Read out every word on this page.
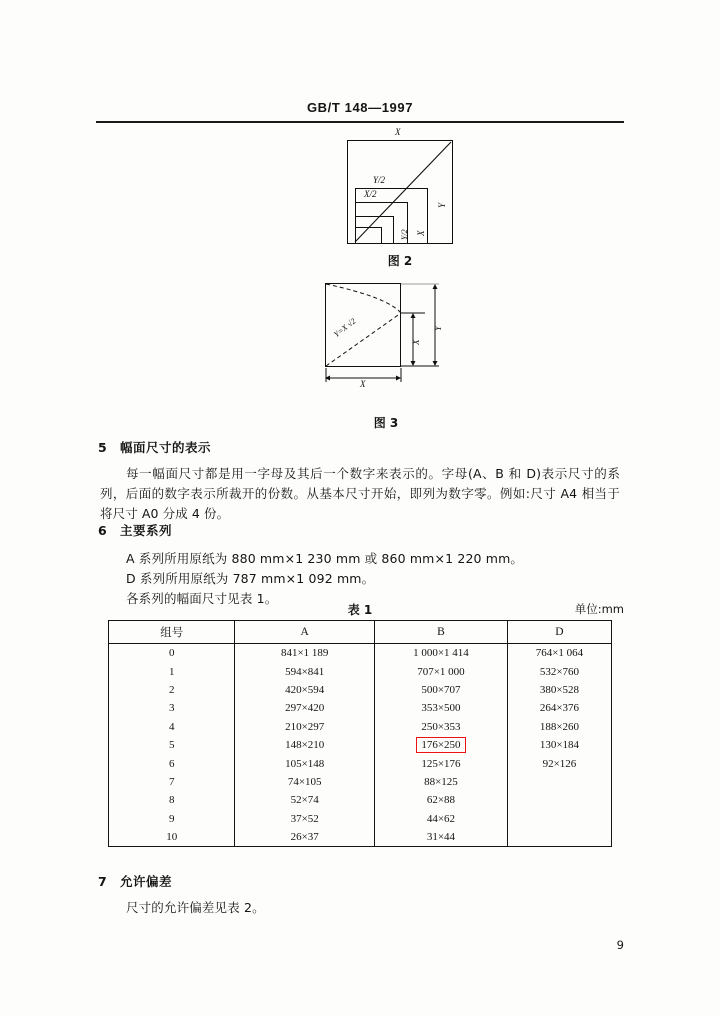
GB/T 148—1997
X
Y/2
X/2
Y
X
Y/2
图 2
Y=X √2
X
Y
X
图 3
5 幅面尺寸的表示
每一幅面尺寸都是用一字母及其后一个数字来表示的。字母(A、B 和 D)表示尺寸的系列，后面的数字表示所裁开的份数。从基本尺寸开始，即列为数字零。例如:尺寸 A4 相当于将尺寸 A0 分成 4 份。
6 主要系列
A 系列所用原纸为 880 mm×1 230 mm 或 860 mm×1 220 mm。
D 系列所用原纸为 787 mm×1 092 mm。
各系列的幅面尺寸见表 1。
表 1	单位:mm
组号	A	B	D
0	841×1 189	1 000×1 414	764×1 064
1	594×841	707×1 000	532×760
2	420×594	500×707	380×528
3	297×420	353×500	264×376
4	210×297	250×353	188×260
5	148×210	176×250	130×184
6	105×148	125×176	92×126
7	74×105	88×125	
8	52×74	62×88	
9	37×52	44×62	
10	26×37	31×44	
7 允许偏差
尺寸的允许偏差见表 2。
9
